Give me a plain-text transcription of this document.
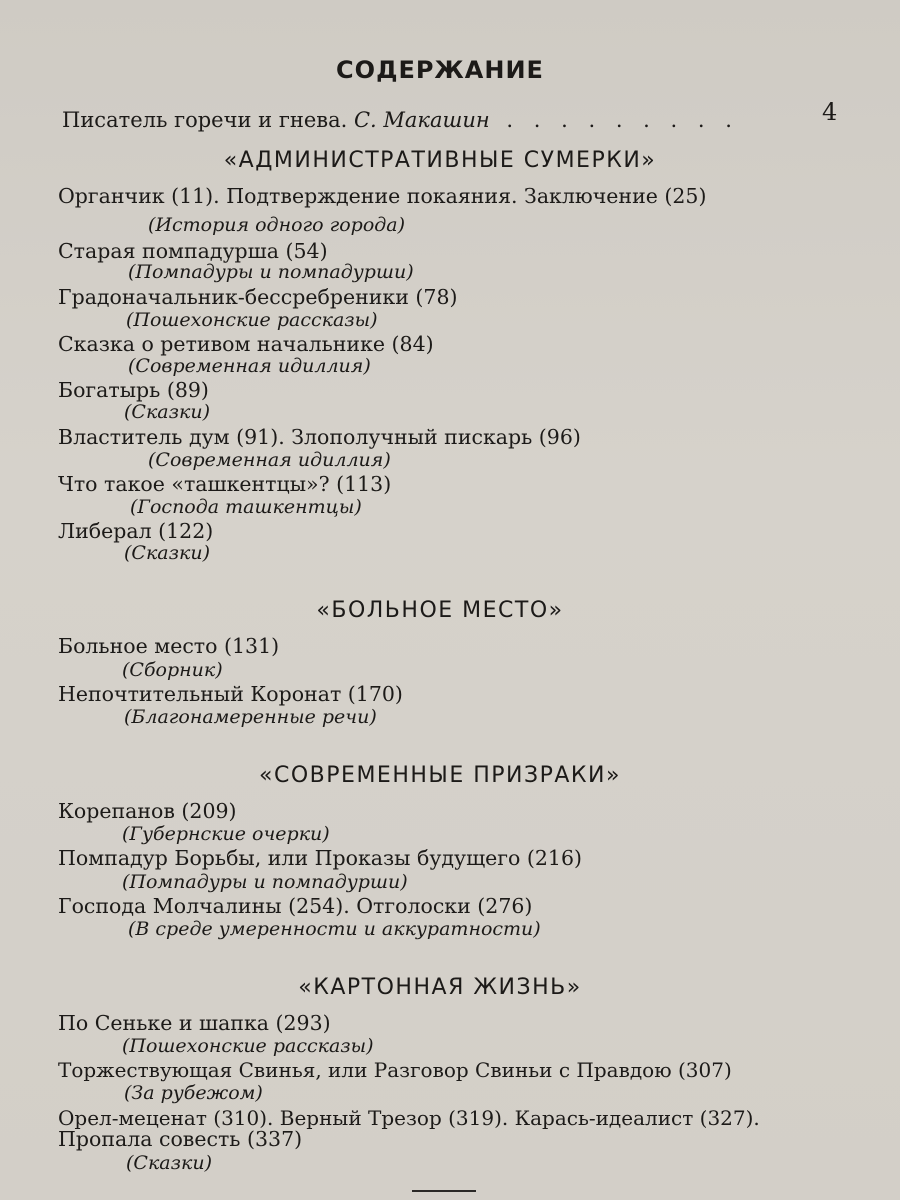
СОДЕРЖАНИЕ
Писатель горечи и гнева. С. Макашин . . . . . . . . .	4
«АДМИНИСТРАТИВНЫЕ СУМЕРКИ»
Органчик (11). Подтверждение покаяния. Заключение (25)
(История одного города)
Старая помпадурша (54)
(Помпадуры и помпадурши)
Градоначальник-бессребреники (78)
(Пошехонские рассказы)
Сказка о ретивом начальнике (84)
(Современная идиллия)
Богатырь (89)
(Сказки)
Властитель дум (91). Злополучный пискарь (96)
(Современная идиллия)
Что такое «ташкентцы»? (113)
(Господа ташкентцы)
Либерал (122)
(Сказки)
«БОЛЬНОЕ МЕСТО»
Больное место (131)
(Сборник)
Непочтительный Коронат (170)
(Благонамеренные речи)
«СОВРЕМЕННЫЕ ПРИЗРАКИ»
Корепанов (209)
(Губернские очерки)
Помпадур Борьбы, или Проказы будущего (216)
(Помпадуры и помпадурши)
Господа Молчалины (254). Отголоски (276)
(В среде умеренности и аккуратности)
«КАРТОННАЯ ЖИЗНЬ»
По Сеньке и шапка (293)
(Пошехонские рассказы)
Торжествующая Свинья, или Разговор Свиньи с Правдою (307)
(За рубежом)
Орел-меценат (310). Верный Трезор (319). Карась-идеалист (327).
Пропала совесть (337)
(Сказки)
